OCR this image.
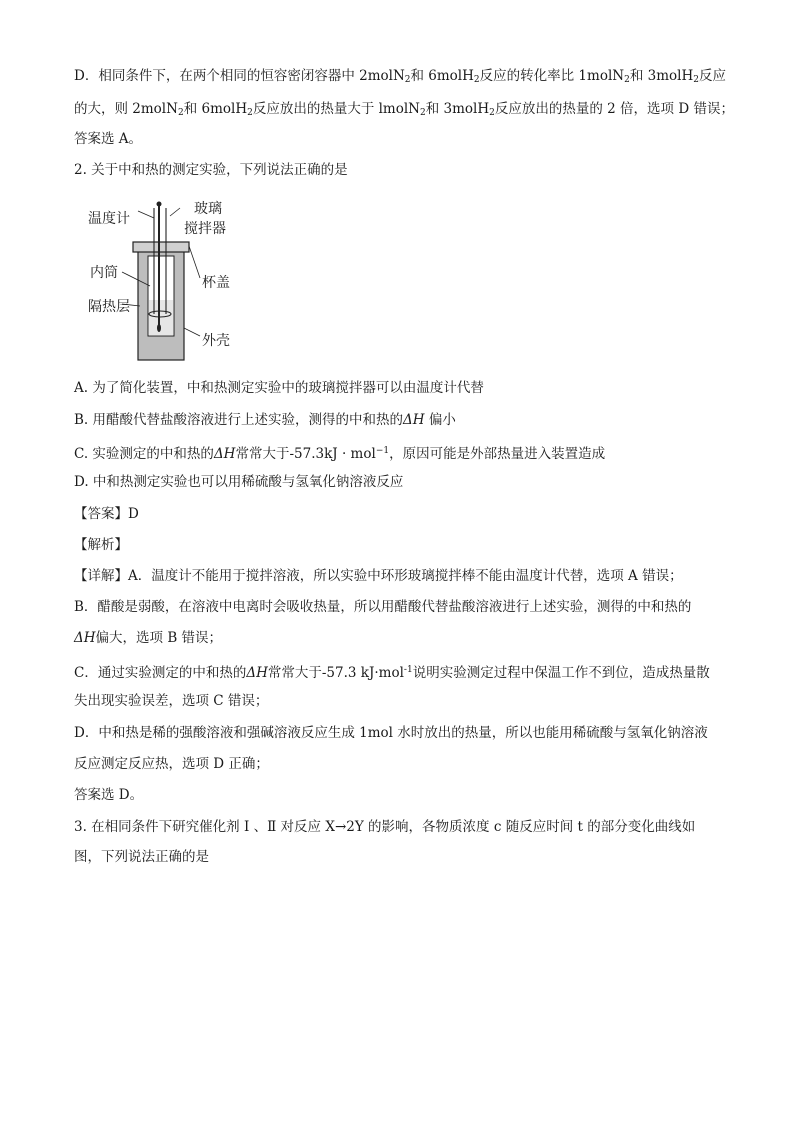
D．相同条件下，在两个相同的恒容密闭容器中 2molN$_2$和 6molH$_2$反应的转化率比 1molN$_2$和 3molH$_2$反应
的大，则 2molN$_2$和 6molH$_2$反应放出的热量大于 lmolN$_2$和 3molH$_2$反应放出的热量的 2 倍，选项 D 错误；
答案选 A。
2. 关于中和热的测定实验，下列说法正确的是
温度计
玻璃
搅拌器
内筒
杯盖
隔热层
外壳
A. 为了简化装置，中和热测定实验中的玻璃搅拌器可以由温度计代替
B. 用醋酸代替盐酸溶液进行上述实验，测得的中和热的ΔH 偏小
C. 实验测定的中和热的ΔH常常大于-57.3kJ · mol$^{-1}$，原因可能是外部热量进入装置造成
D. 中和热测定实验也可以用稀硫酸与氢氧化钠溶液反应
【答案】D
【解析】
【详解】A．温度计不能用于搅拌溶液，所以实验中环形玻璃搅拌棒不能由温度计代替，选项 A 错误；
B．醋酸是弱酸，在溶液中电离时会吸收热量，所以用醋酸代替盐酸溶液进行上述实验，测得的中和热的
ΔH偏大，选项 B 错误；
C．通过实验测定的中和热的ΔH常常大于-57.3 kJ·mol$^{-1}$说明实验测定过程中保温工作不到位，造成热量散
失出现实验误差，选项 C 错误；
D．中和热是稀的强酸溶液和强碱溶液反应生成 1mol 水时放出的热量，所以也能用稀硫酸与氢氧化钠溶液
反应测定反应热，选项 D 正确；
答案选 D。
3. 在相同条件下研究催化剂 Ⅰ 、Ⅱ 对反应 X→2Y 的影响，各物质浓度 c 随反应时间 t 的部分变化曲线如
图，下列说法正确的是
